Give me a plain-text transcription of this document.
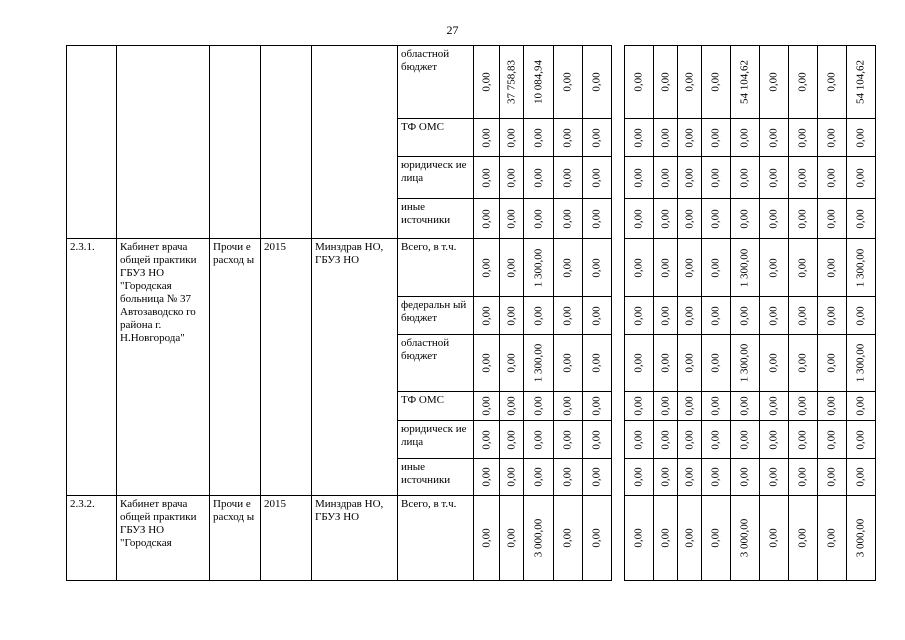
27
					областной бюджет	0,00	37 758,83	10 084,94	0,00	0,00		0,00	0,00	0,00	0,00	54 104,62	0,00	0,00	0,00	54 104,62

					ТФ ОМС	0,00	0,00	0,00	0,00	0,00		0,00	0,00	0,00	0,00	0,00	0,00	0,00	0,00	0,00

					юридическ ие лица	0,00	0,00	0,00	0,00	0,00		0,00	0,00	0,00	0,00	0,00	0,00	0,00	0,00	0,00

					иные источники	0,00	0,00	0,00	0,00	0,00		0,00	0,00	0,00	0,00	0,00	0,00	0,00	0,00	0,00

2.3.1.	Кабинет врача общей практики ГБУЗ НО "Городская больница № 37 Автозаводско го района г. Н.Новгорода"	Прочи е расход ы	2015	Минздрав НО, ГБУЗ НО	Всего, в т.ч.	0,00	0,00	1 300,00	0,00	0,00		0,00	0,00	0,00	0,00	1 300,00	0,00	0,00	0,00	1 300,00

					федеральн ый бюджет	0,00	0,00	0,00	0,00	0,00		0,00	0,00	0,00	0,00	0,00	0,00	0,00	0,00	0,00

					областной бюджет	0,00	0,00	1 300,00	0,00	0,00		0,00	0,00	0,00	0,00	1 300,00	0,00	0,00	0,00	1 300,00

					ТФ ОМС	0,00	0,00	0,00	0,00	0,00		0,00	0,00	0,00	0,00	0,00	0,00	0,00	0,00	0,00

					юридическ ие лица	0,00	0,00	0,00	0,00	0,00		0,00	0,00	0,00	0,00	0,00	0,00	0,00	0,00	0,00

					иные источники	0,00	0,00	0,00	0,00	0,00		0,00	0,00	0,00	0,00	0,00	0,00	0,00	0,00	0,00

2.3.2.	Кабинет врача общей практики ГБУЗ НО "Городская	Прочи е расход ы	2015	Минздрав НО, ГБУЗ НО	Всего, в т.ч.	0,00	0,00	3 000,00	0,00	0,00		0,00	0,00	0,00	0,00	3 000,00	0,00	0,00	0,00	3 000,00
